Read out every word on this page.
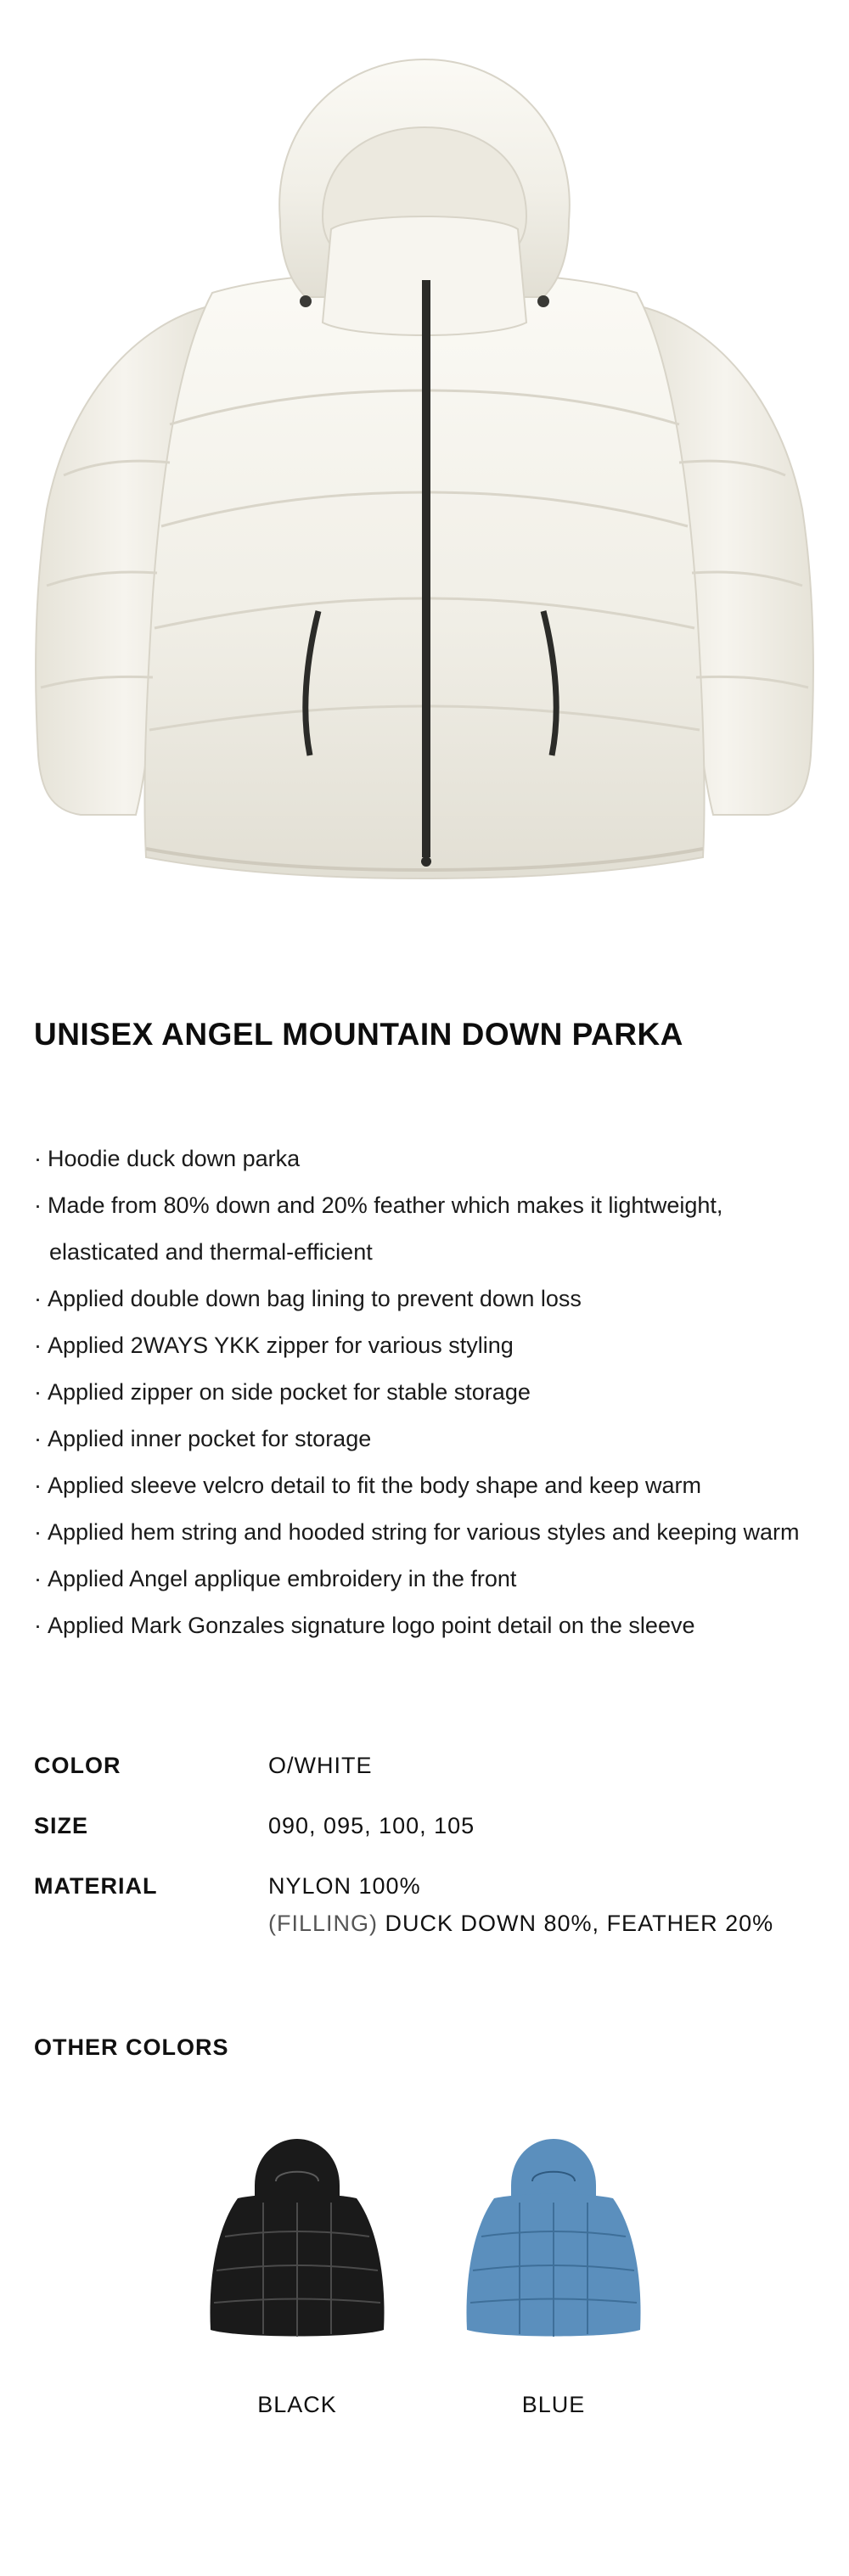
UNISEX ANGEL MOUNTAIN DOWN PARKA
· Hoodie duck down parka
· Made from 80% down and 20% feather which makes it lightweight,
elasticated and thermal-efficient
· Applied double down bag lining to prevent down loss
· Applied 2WAYS YKK zipper for various styling
· Applied zipper on side pocket for stable storage
· Applied inner pocket for storage
· Applied sleeve velcro detail to fit the body shape and keep warm
· Applied hem string and hooded string for various styles and keeping warm
· Applied Angel applique embroidery in the front
· Applied Mark Gonzales signature logo point detail on the sleeve
COLOR	O/WHITE
SIZE	090, 095, 100, 105
MATERIAL	NYLON 100%
(FILLING) DUCK DOWN 80%, FEATHER 20%
OTHER COLORS
BLACK	BLUE
